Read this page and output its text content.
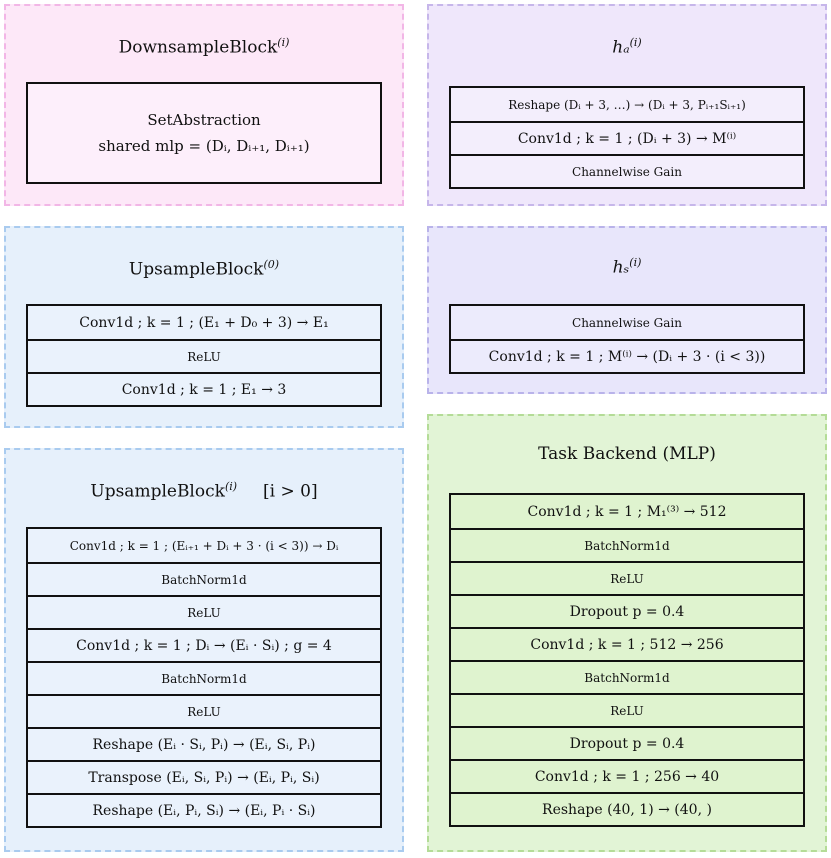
DownsampleBlock$^{(i)}$
SetAbstraction
shared mlp = (Dᵢ, Dᵢ₊₁, Dᵢ₊₁)
hₐ$^{(i)}$
Reshape (Dᵢ + 3, …) → (Dᵢ + 3, Pᵢ₊₁Sᵢ₊₁)
Conv1d ; k = 1 ; (Dᵢ + 3) → M⁽ⁱ⁾
Channelwise Gain
UpsampleBlock$^{(0)}$
Conv1d ; k = 1 ; (E₁ + D₀ + 3) → E₁
ReLU
Conv1d ; k = 1 ; E₁ → 3
hₛ$^{(i)}$
Channelwise Gain
Conv1d ; k = 1 ; M⁽ⁱ⁾ → (Dᵢ + 3 · (i < 3))
UpsampleBlock$^{(i)}$ [i > 0]
Conv1d ; k = 1 ; (Eᵢ₊₁ + Dᵢ + 3 · (i < 3)) → Dᵢ
BatchNorm1d
ReLU
Conv1d ; k = 1 ; Dᵢ → (Eᵢ · Sᵢ) ; g = 4
BatchNorm1d
ReLU
Reshape (Eᵢ · Sᵢ, Pᵢ) → (Eᵢ, Sᵢ, Pᵢ)
Transpose (Eᵢ, Sᵢ, Pᵢ) → (Eᵢ, Pᵢ, Sᵢ)
Reshape (Eᵢ, Pᵢ, Sᵢ) → (Eᵢ, Pᵢ · Sᵢ)
Task Backend (MLP)
Conv1d ; k = 1 ; M₁⁽³⁾ → 512
BatchNorm1d
ReLU
Dropout p = 0.4
Conv1d ; k = 1 ; 512 → 256
BatchNorm1d
ReLU
Dropout p = 0.4
Conv1d ; k = 1 ; 256 → 40
Reshape (40, 1) → (40, )
